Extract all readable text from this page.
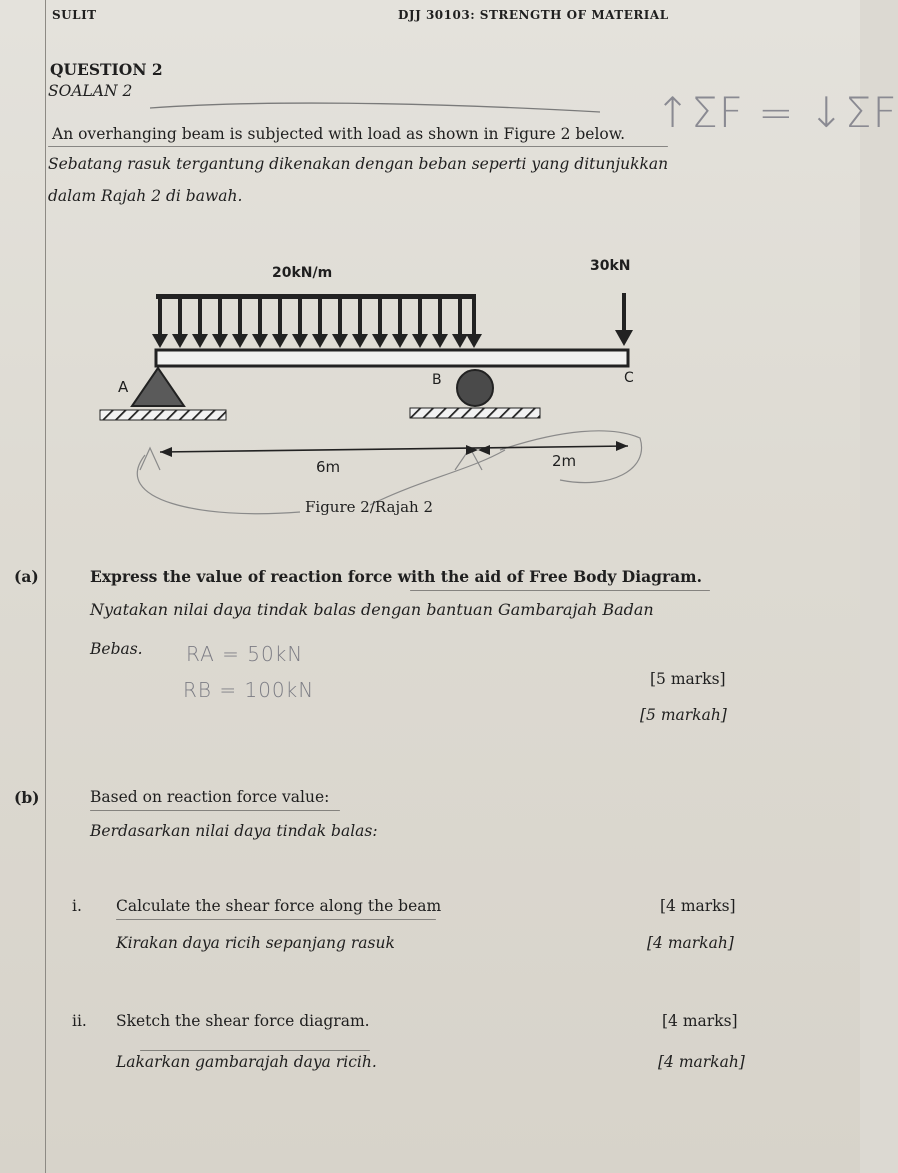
SULIT	DJJ 30103: STRENGTH OF MATERIAL
QUESTION 2
SOALAN 2
An overhanging beam is subjected with load as shown in Figure 2 below.
Sebatang rasuk tergantung dikenakan dengan beban seperti yang ditunjukkan
dalam Rajah 2 di bawah.
↑ΣF = ↓ΣF
20kN/m	30kN
A	B	C
6m	2m
Figure 2/Rajah 2
(a)	Express the value of reaction force with the aid of Free Body Diagram.
Nyatakan nilai daya tindak balas dengan bantuan Gambarajah Badan
Bebas. RA = 50kN
RB = 100kN	[5 marks]
[5 markah]
(b)	Based on reaction force value:
Berdasarkan nilai daya tindak balas:
i. Calculate the shear force along the beam	[4 marks]
Kirakan daya ricih sepanjang rasuk	[4 markah]
ii. Sketch the shear force diagram.	[4 marks]
Lakarkan gambarajah daya ricih.	[4 markah]
